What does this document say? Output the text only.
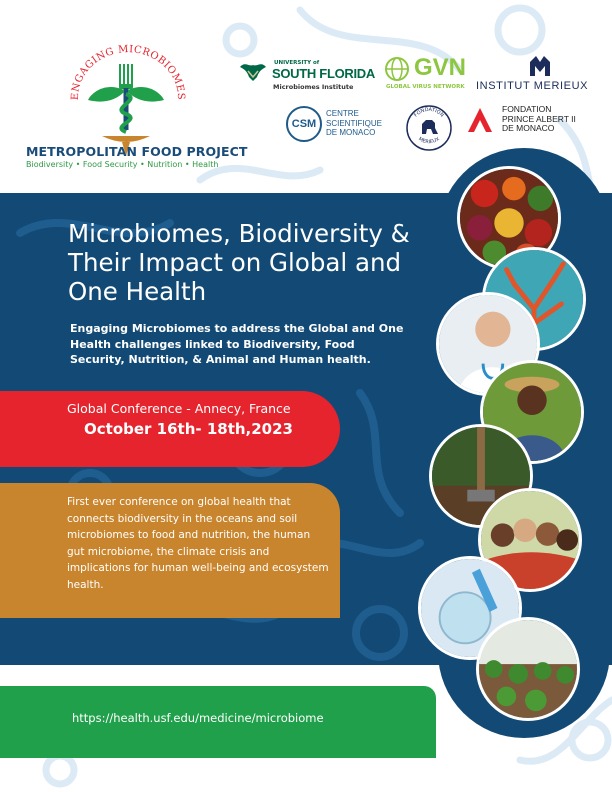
ENGAGING MICROBIOMES
METROPOLITAN FOOD PROJECT
Biodiversity • Food Security • Nutrition • Health
UNIVERSITY of
SOUTH FLORIDA
Microbiomes Institute
GVN
GLOBAL VIRUS NETWORK INSTITUT MERIEUX
CSM
CENTRE
SCIENTIFIQUE
DE MONACO
FONDATION
MERIEUX
FONDATION
PRINCE ALBERT II
DE MONACO
Microbiomes, Biodiversity & Their Impact on Global and One Health
Engaging Microbiomes to address the Global and One Health challenges linked to Biodiversity, Food Security, Nutrition, & Animal and Human health.
Global Conference - Annecy, France
October 16th- 18th,2023
First ever conference on global health that connects biodiversity in the oceans and soil microbiomes to food and nutrition, the human gut microbiome, the climate crisis and implications for human well-being and ecosystem health.
https://health.usf.edu/medicine/microbiome
